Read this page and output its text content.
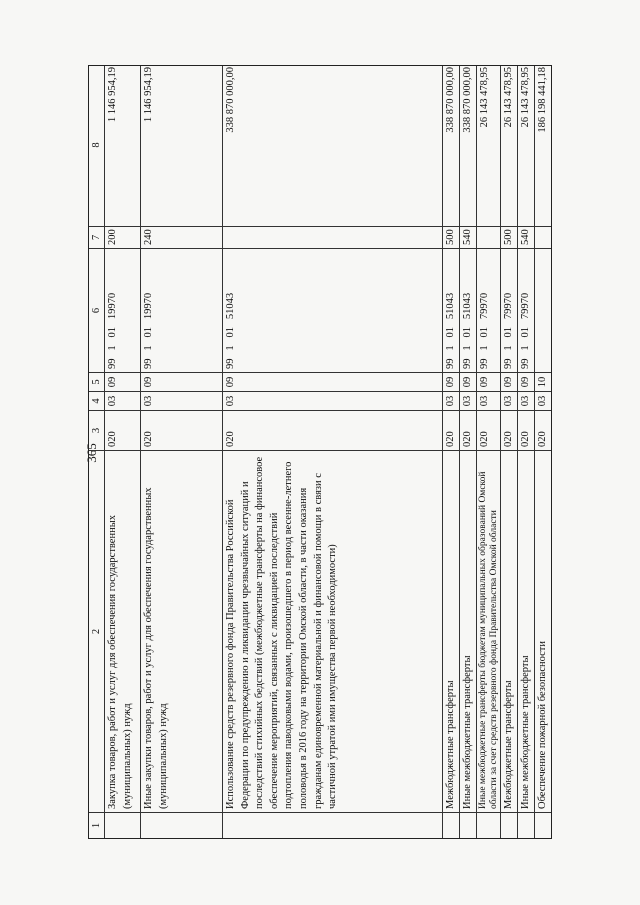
365
1
2
3
4
5
6
7
8
Закупка товаров, работ и услуг для обеспечения государственных (муниципальных) нужд
020
03
09
99   1   01   19970
200
1 146 954,19
Иные закупки товаров, работ и услуг для обеспечения государственных (муниципальных) нужд
020
03
09
99   1   01   19970
240
1 146 954,19
Использование средств резервного фонда Правительства Российской Федерации по предупреждению и ликвидации чрезвычайных ситуаций и последствий стихийных бедствий (межбюджетные трансферты на финансовое обеспечение мероприятий, связанных с ликвидацией последствий подтопления паводковыми водами, произошедшего в период весенне-летнего половодья в 2016 году на территории Омской области, в части оказания гражданам единовременной материальной и финансовой помощи в связи с частичной утратой ими имущества первой необходимости)
020
03
09
99   1   01   51043
338 870 000,00
Межбюджетные трансферты
020
03
09
99   1   01   51043
500
338 870 000,00
Иные межбюджетные трансферты
020
03
09
99   1   01   51043
540
338 870 000,00
Иные межбюджетные трансферты бюджетам муниципальных образований Омской области за счет средств резервного фонда Правительства Омской области
020
03
09
99   1   01   79970
26 143 478,95
Межбюджетные трансферты
020
03
09
99   1   01   79970
500
26 143 478,95
Иные межбюджетные трансферты
020
03
09
99   1   01   79970
540
26 143 478,95
Обеспечение пожарной безопасности
020
03
10
186 198 441,18
